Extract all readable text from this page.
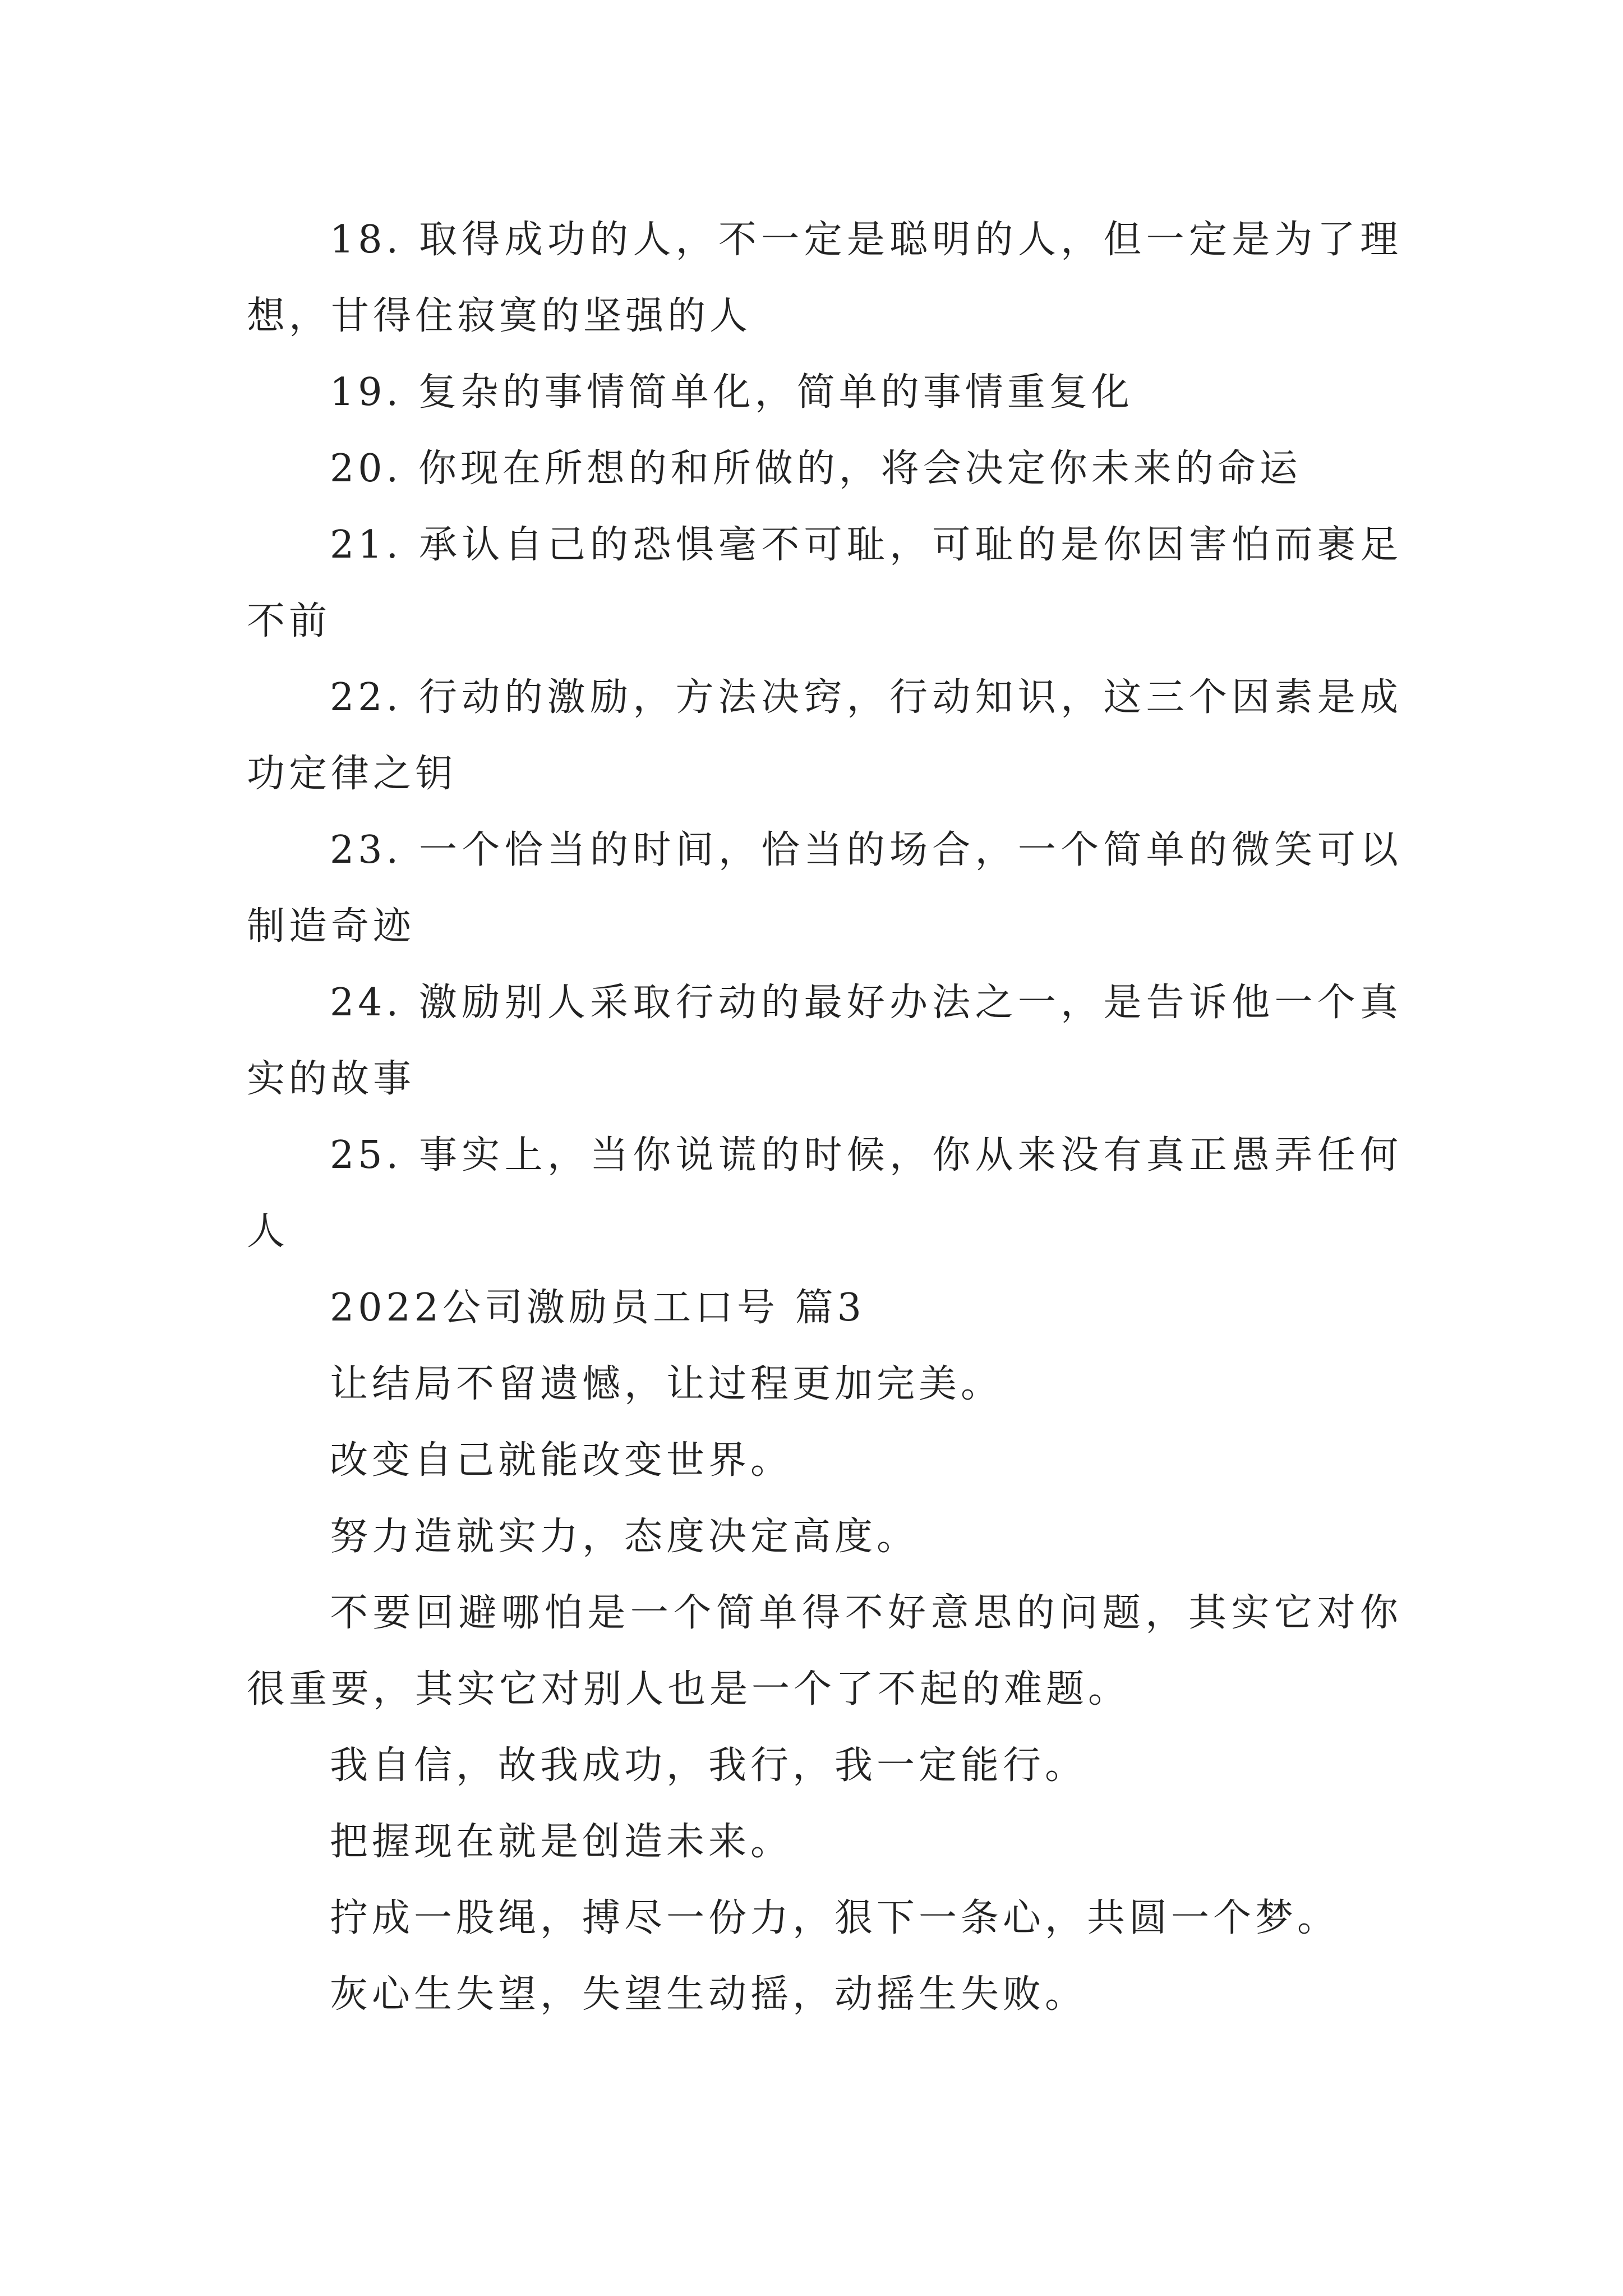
18. 取得成功的人，不一定是聪明的人，但一定是为了理想，甘得住寂寞的坚强的人

19. 复杂的事情简单化，简单的事情重复化

20. 你现在所想的和所做的，将会决定你未来的命运

21. 承认自己的恐惧毫不可耻，可耻的是你因害怕而裹足不前

22. 行动的激励，方法决窍，行动知识，这三个因素是成功定律之钥

23. 一个恰当的时间，恰当的场合，一个简单的微笑可以制造奇迹

24. 激励别人采取行动的最好办法之一，是告诉他一个真实的故事

25. 事实上，当你说谎的时候，你从来没有真正愚弄任何人

2022公司激励员工口号 篇3

让结局不留遗憾，让过程更加完美。

改变自己就能改变世界。

努力造就实力，态度决定高度。

不要回避哪怕是一个简单得不好意思的问题，其实它对你很重要，其实它对别人也是一个了不起的难题。

我自信，故我成功，我行，我一定能行。

把握现在就是创造未来。

拧成一股绳，搏尽一份力，狠下一条心，共圆一个梦。

灰心生失望，失望生动摇，动摇生失败。
